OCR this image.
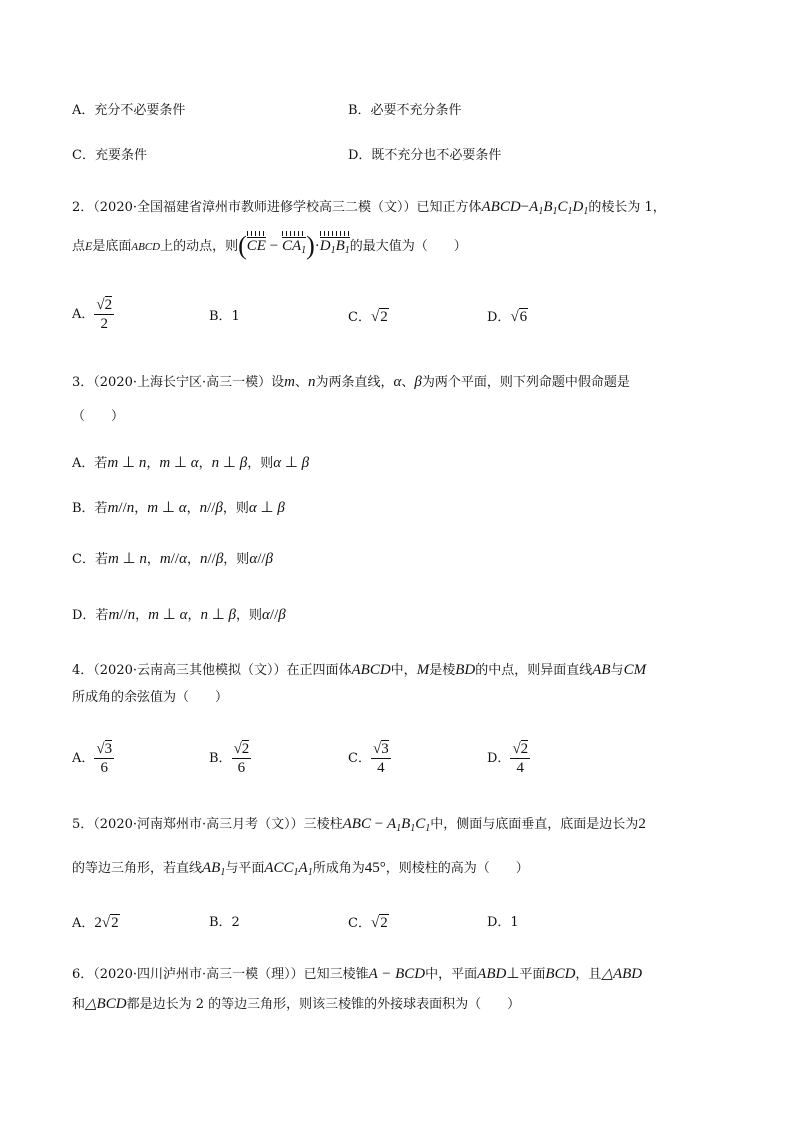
A．充分不必要条件	B．必要不充分条件
C．充要条件	D．既不充分也不必要条件
2．（2020·全国福建省漳州市教师进修学校高三二模（文））已知正方体$ABCD-A_1B_1C_1D_1$的棱长为 1，
点E是底面ABCD上的动点，则(
CE −
$CA_1)\cdot$
$D_1B_1$的最大值为（　　）
A． $\frac{√2}{2}$	B．1	C．√2	D．√6
3．（2020·上海长宁区·高三一模）设m、n为两条直线，α、β为两个平面，则下列命题中假命题是
（　　）
A．若m ⊥ n，m ⊥ α，n ⊥ β，则α ⊥ β
B．若m//n，m ⊥ α，n//β，则α ⊥ β
C．若m ⊥ n，m//α，n//β，则α//β
D．若m//n，m ⊥ α，n ⊥ β，则α//β
4．（2020·云南高三其他模拟（文））在正四面体ABCD中，M是棱BD的中点，则异面直线AB与CM
所成角的余弦值为（　　）
A． $\frac{√3}{6}$	B． $\frac{√2}{6}$	C． $\frac{√3}{4}$	D． $\frac{√2}{4}$
5．（2020·河南郑州市·高三月考（文））三棱柱ABC − $A_1B_1C_1$中，侧面与底面垂直，底面是边长为2
的等边三角形，若直线$AB_1$与平面$ACC_1A_1$所成角为45°，则棱柱的高为（　　）
A．2√2	B．2	C．√2	D．1
6．（2020·四川泸州市·高三一模（理））已知三棱锥A − BCD中，平面ABD⊥平面BCD，且△ABD
和△BCD都是边长为 2 的等边三角形，则该三棱锥的外接球表面积为（　　）
